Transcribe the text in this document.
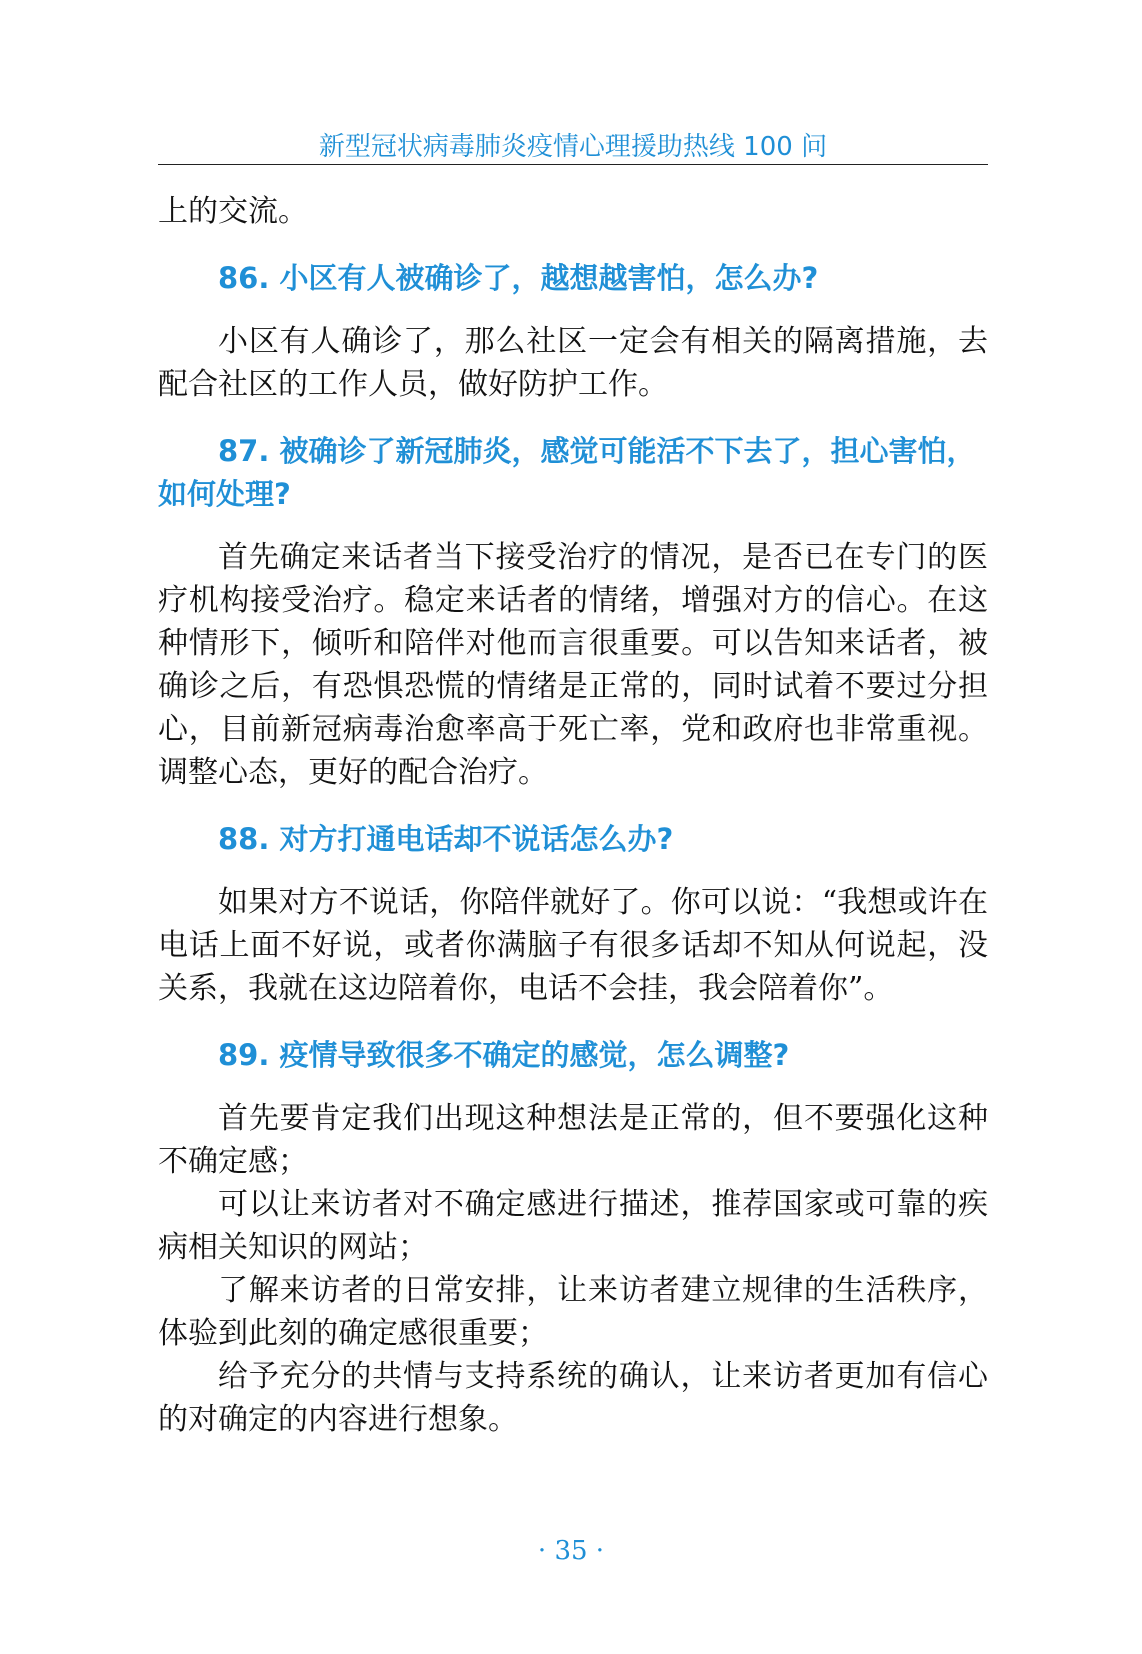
新型冠状病毒肺炎疫情心理援助热线 100 问

上的交流。

86. 小区有人被确诊了，越想越害怕，怎么办?

小区有人确诊了，那么社区一定会有相关的隔离措施，去配合社区的工作人员，做好防护工作。

87. 被确诊了新冠肺炎，感觉可能活不下去了，担心害怕，如何处理?

首先确定来话者当下接受治疗的情况，是否已在专门的医疗机构接受治疗。稳定来话者的情绪，增强对方的信心。在这种情形下，倾听和陪伴对他而言很重要。可以告知来话者，被确诊之后，有恐惧恐慌的情绪是正常的，同时试着不要过分担心，目前新冠病毒治愈率高于死亡率，党和政府也非常重视。调整心态，更好的配合治疗。

88. 对方打通电话却不说话怎么办?

如果对方不说话，你陪伴就好了。你可以说：“我想或许在电话上面不好说，或者你满脑子有很多话却不知从何说起，没关系，我就在这边陪着你，电话不会挂，我会陪着你”。

89. 疫情导致很多不确定的感觉，怎么调整?

首先要肯定我们出现这种想法是正常的，但不要强化这种不确定感；

可以让来访者对不确定感进行描述，推荐国家或可靠的疾病相关知识的网站；

了解来访者的日常安排，让来访者建立规律的生活秩序，体验到此刻的确定感很重要；

给予充分的共情与支持系统的确认，让来访者更加有信心的对确定的内容进行想象。

· 35 ·
